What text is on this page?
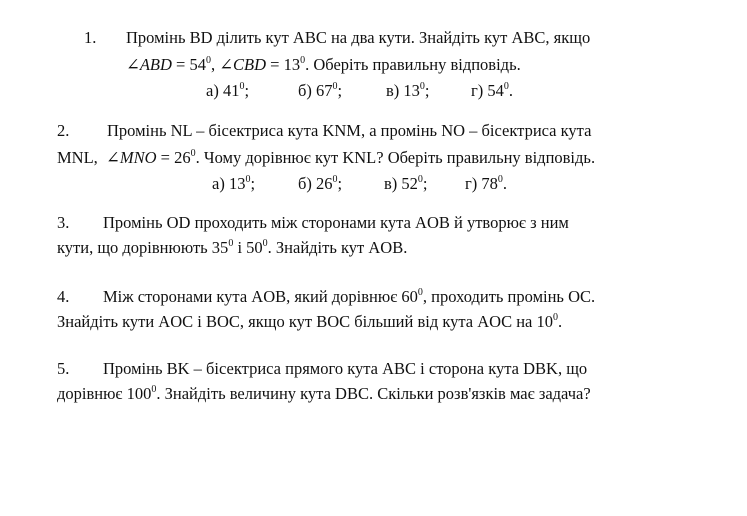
1. Промінь BD ділить кут ABC на два кути. Знайдіть кут ABC, якщо
∠ABD = $54^0$, ∠CBD = $13^0$. Оберіть правильну відповідь.
а) $41^0$;	б) $67^0$;	в) $13^0$;	г) $54^0$.
2. Промінь NL – бісектриса кута KNM, а промінь NO – бісектриса кута
MNL, ∠MNO = $26^0$. Чому дорівнює кут KNL? Оберіть правильну відповідь.
а) $13^0$;	б) $26^0$;	в) $52^0$; г) $78^0$.
3. Промінь OD проходить між сторонами кута AOB й утворює з ним
кути, що дорівнюють $35^0$ і $50^0$. Знайдіть кут AOB.
4. Між сторонами кута AOB, який дорівнює $60^0$, проходить промінь OC.
Знайдіть кути AOC і BOC, якщо кут BOC більший від кута AOC на $10^0$.
5. Промінь BK – бісектриса прямого кута ABC і сторона кута DBK, що
дорівнює $100^0$. Знайдіть величину кута DBC. Скільки розв'язків має задача?
